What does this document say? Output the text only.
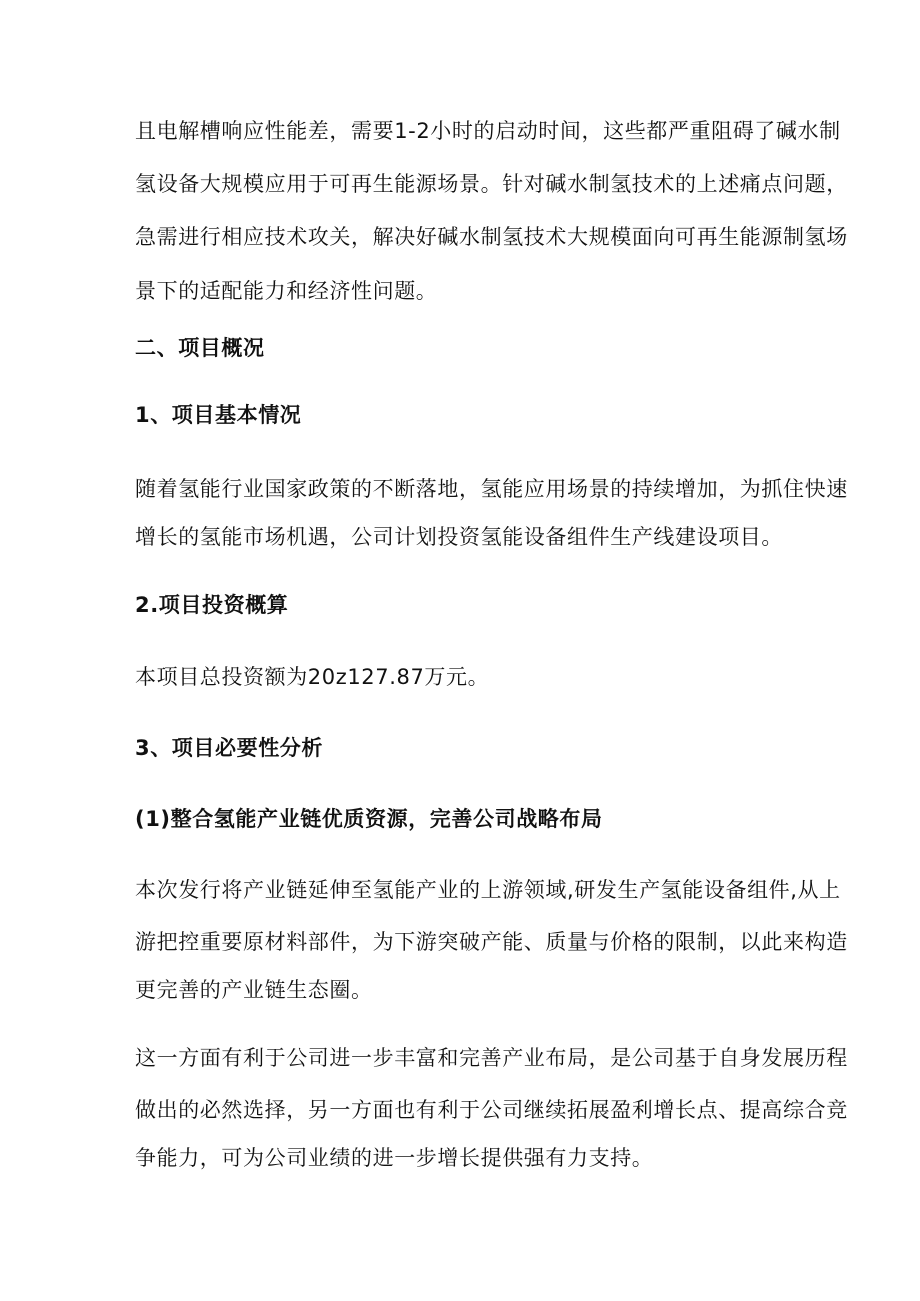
且电解槽响应性能差，需要1-2小时的启动时间，这些都严重阻碍了碱水制
氢设备大规模应用于可再生能源场景。针对碱水制氢技术的上述痛点问题，
急需进行相应技术攻关，解决好碱水制氢技术大规模面向可再生能源制氢场
景下的适配能力和经济性问题。
二、项目概况
1、项目基本情况
随着氢能行业国家政策的不断落地，氢能应用场景的持续增加，为抓住快速
增长的氢能市场机遇，公司计划投资氢能设备组件生产线建设项目。
2.项目投资概算
本项目总投资额为20z127.87万元。
3、项目必要性分析
(1)整合氢能产业链优质资源，完善公司战略布局
本次发行将产业链延伸至氢能产业的上游领域,研发生产氢能设备组件,从上
游把控重要原材料部件，为下游突破产能、质量与价格的限制，以此来构造
更完善的产业链生态圈。
这一方面有利于公司进一步丰富和完善产业布局，是公司基于自身发展历程
做出的必然选择，另一方面也有利于公司继续拓展盈利增长点、提高综合竞
争能力，可为公司业绩的进一步增长提供强有力支持。
